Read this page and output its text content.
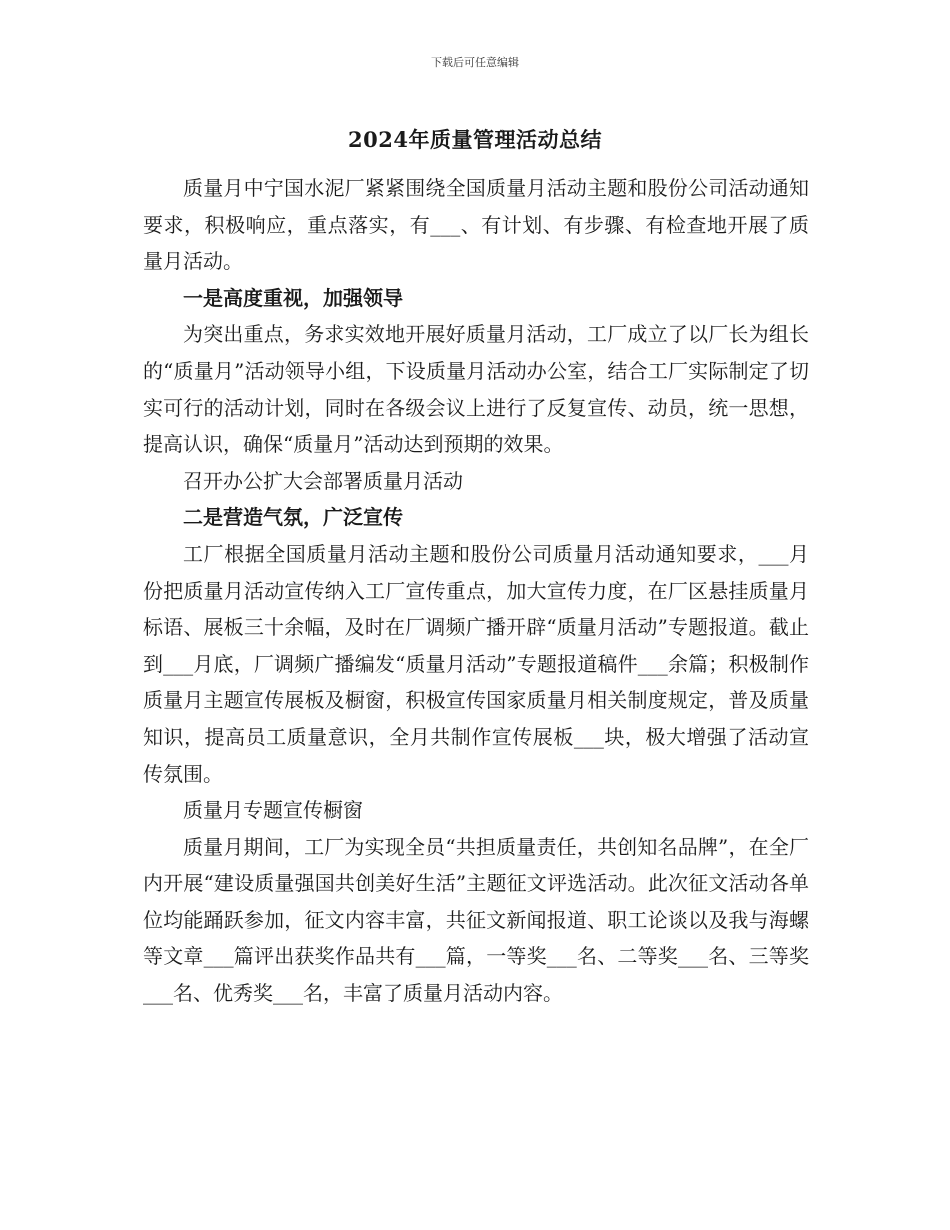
下载后可任意编辑
2024年质量管理活动总结

质量月中宁国水泥厂紧紧围绕全国质量月活动主题和股份公司活动通知要求，积极响应，重点落实，有___、有计划、有步骤、有检查地开展了质量月活动。

一是高度重视，加强领导

为突出重点，务求实效地开展好质量月活动，工厂成立了以厂长为组长的“质量月”活动领导小组，下设质量月活动办公室，结合工厂实际制定了切实可行的活动计划，同时在各级会议上进行了反复宣传、动员，统一思想，提高认识，确保“质量月”活动达到预期的效果。

召开办公扩大会部署质量月活动

二是营造气氛，广泛宣传

工厂根据全国质量月活动主题和股份公司质量月活动通知要求，___月份把质量月活动宣传纳入工厂宣传重点，加大宣传力度，在厂区悬挂质量月标语、展板三十余幅，及时在厂调频广播开辟“质量月活动”专题报道。截止到___月底，厂调频广播编发“质量月活动”专题报道稿件___余篇；积极制作质量月主题宣传展板及橱窗，积极宣传国家质量月相关制度规定，普及质量知识，提高员工质量意识，全月共制作宣传展板___块，极大增强了活动宣传氛围。

质量月专题宣传橱窗

质量月期间，工厂为实现全员“共担质量责任，共创知名品牌”，在全厂内开展“建设质量强国共创美好生活”主题征文评选活动。此次征文活动各单位均能踊跃参加，征文内容丰富，共征文新闻报道、职工论谈以及我与海螺等文章___篇评出获奖作品共有___篇，一等奖___名、二等奖___名、三等奖___名、优秀奖___名，丰富了质量月活动内容。
